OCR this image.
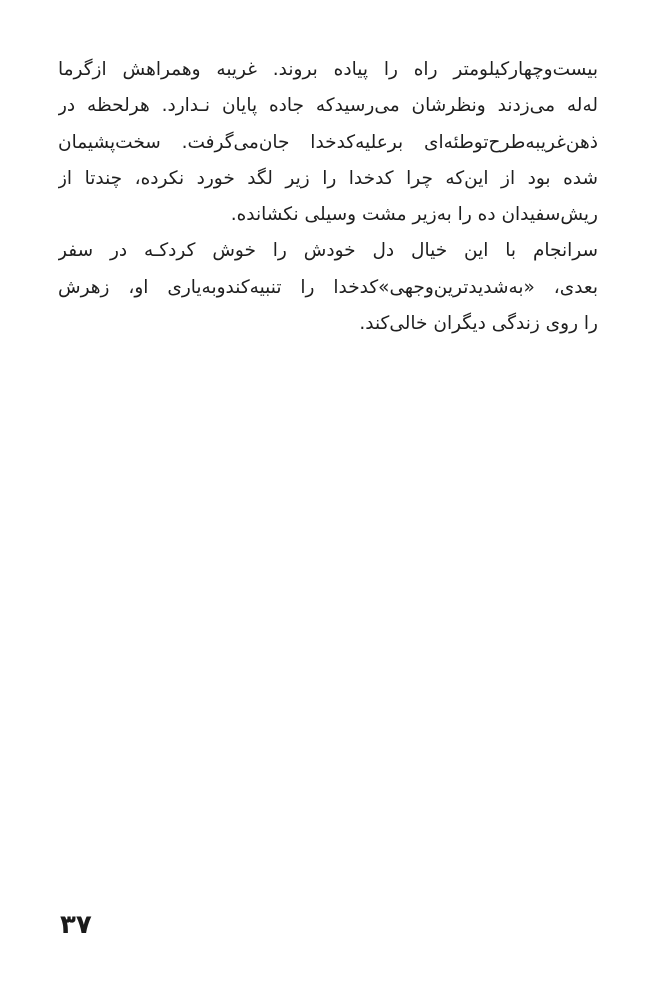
بیست‌وچهارکیلومتر راه را پیاده بروند. غریبه وهمراهش ازگرما
له‌له می‌زدند ونظرشان می‌رسیدکه جاده پایان نـدارد. هرلحظه در
ذهن‌غریبه‌طرح‌توطئه‌ای برعلیه‌کدخدا جان‌می‌گرفت. سخت‌پشیمان
شده بود از این‌که چرا کدخدا را زیر لگد خورد نکرده، چندتا از
ریش‌سفیدان ده را به‌زیر مشت وسیلی نکشانده.
سرانجام با این خیال دل خودش را خوش کردکـه در سفر
بعدی، «به‌شدیدترین‌وجهی»کدخدا را تنبیه‌کندوبه‌یاری او، زهرش
را روی زندگی دیگران خالی‌کند.
۳۷
